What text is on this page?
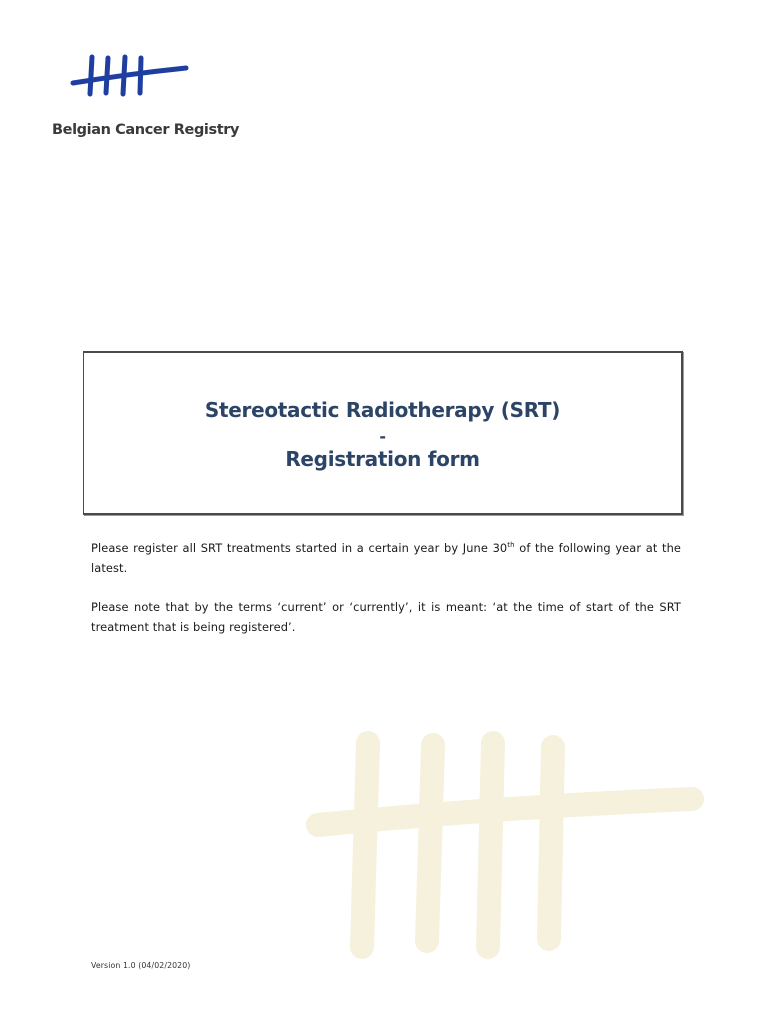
Belgian Cancer Registry
Stereotactic Radiotherapy (SRT)
-
Registration form
Please register all SRT treatments started in a certain year by June 30th of the following year at the latest.
Please note that by the terms ‘current’ or ‘currently’, it is meant: ‘at the time of start of the SRT treatment that is being registered’.
Version 1.0 (04/02/2020)
